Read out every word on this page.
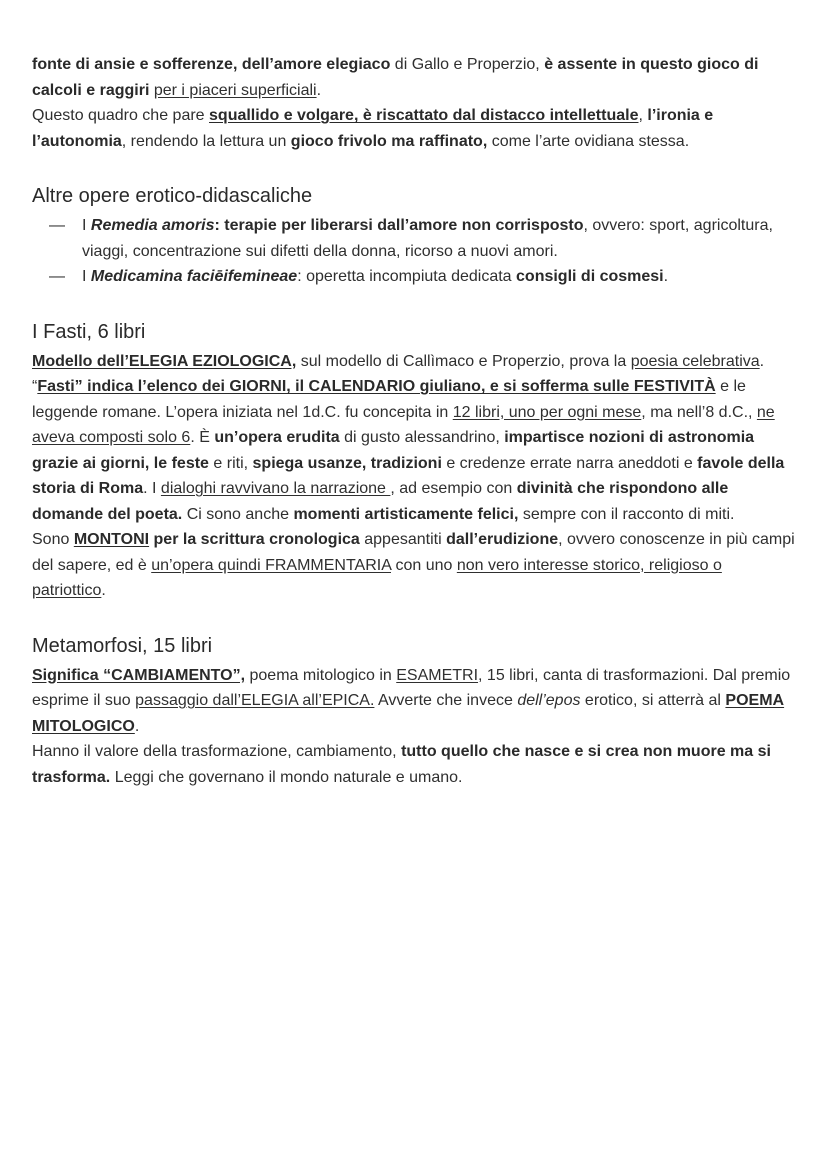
fonte di ansie e sofferenze, dell’amore elegiaco di Gallo e Properzio, è assente in questo gioco di calcoli e raggiri per i piaceri superficiali.

Questo quadro che pare squallido e volgare, è riscattato dal distacco intellettuale, l’ironia e l’autonomia, rendendo la lettura un gioco frivolo ma raffinato, come l’arte ovidiana stessa.

Altre opere erotico-didascaliche
— I Remedia amoris: terapie per liberarsi dall’amore non corrisposto, ovvero: sport, agricoltura, viaggi, concentrazione sui difetti della donna, ricorso a nuovi amori.
— I Medicamina faciēifemineae: operetta incompiuta dedicata consigli di cosmesi.
I Fasti, 6 libri

Modello dell’ELEGIA EZIOLOGICA, sul modello di Callìmaco e Properzio, prova la poesia celebrativa.

“Fasti” indica l’elenco dei GIORNI, il CALENDARIO giuliano, e si sofferma sulle FESTIVITÀ e le leggende romane. L’opera iniziata nel 1d.C. fu concepita in 12 libri, uno per ogni mese, ma nell’8 d.C., ne aveva composti solo 6. È un’opera erudita di gusto alessandrino, impartisce nozioni di astronomia grazie ai giorni, le feste e riti, spiega usanze, tradizioni e credenze errate narra aneddoti e favole della storia di Roma. I dialoghi ravvivano la narrazione , ad esempio con divinità che rispondono alle domande del poeta. Ci sono anche momenti artisticamente felici, sempre con il racconto di miti.

Sono MONTONI per la scrittura cronologica appesantiti dall’erudizione, ovvero conoscenze in più campi del sapere, ed è un’opera quindi FRAMMENTARIA con uno non vero interesse storico, religioso o patriottico.

Metamorfosi, 15 libri

Significa “CAMBIAMENTO”, poema mitologico in ESAMETRI, 15 libri, canta di trasformazioni. Dal premio esprime il suo passaggio dall’ELEGIA all’EPICA. Avverte che invece dell’epos erotico, si atterrà al POEMA MITOLOGICO.

Hanno il valore della trasformazione, cambiamento, tutto quello che nasce e si crea non muore ma si trasforma. Leggi che governano il mondo naturale e umano.
